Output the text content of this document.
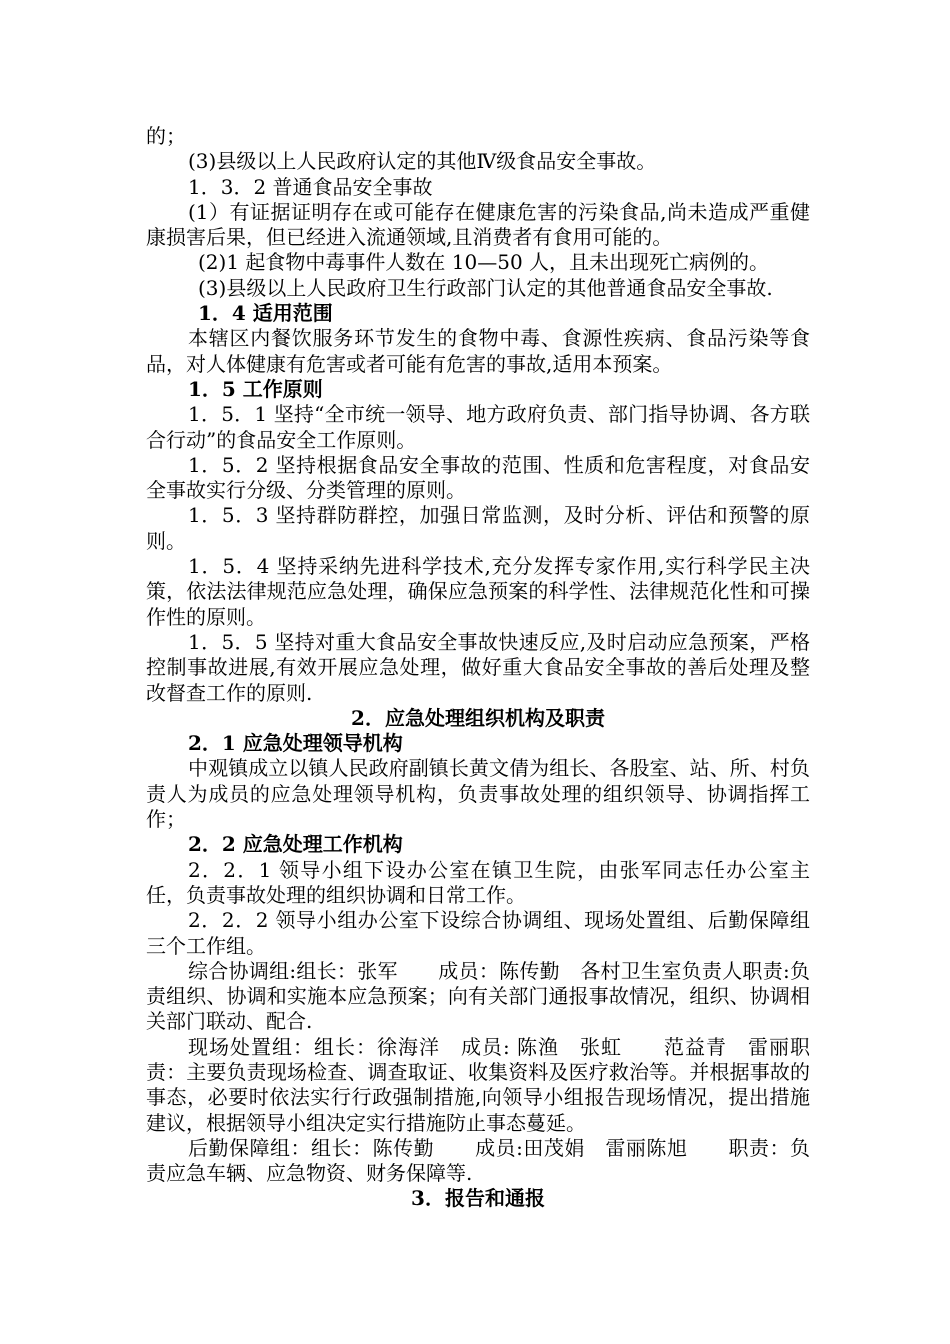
的；

(3)县级以上人民政府认定的其他Ⅳ级食品安全事故。

1．3．2 普通食品安全事故

(1）有证据证明存在或可能存在健康危害的污染食品,尚未造成严重健康损害后果，但已经进入流通领域,且消费者有食用可能的。

(2)1 起食物中毒事件人数在 10—50 人，且未出现死亡病例的。

(3)县级以上人民政府卫生行政部门认定的其他普通食品安全事故.

1．4 适用范围

本辖区内餐饮服务环节发生的食物中毒、食源性疾病、食品污染等食品，对人体健康有危害或者可能有危害的事故,适用本预案。

1．5 工作原则

1．5．1 坚持“全市统一领导、地方政府负责、部门指导协调、各方联合行动”的食品安全工作原则。

1．5．2 坚持根据食品安全事故的范围、性质和危害程度，对食品安全事故实行分级、分类管理的原则。

1．5．3 坚持群防群控，加强日常监测，及时分析、评估和预警的原则。

1．5．4 坚持采纳先进科学技术,充分发挥专家作用,实行科学民主决策，依法法律规范应急处理，确保应急预案的科学性、法律规范化性和可操作性的原则。

1．5．5 坚持对重大食品安全事故快速反应,及时启动应急预案，严格控制事故进展,有效开展应急处理，做好重大食品安全事故的善后处理及整改督查工作的原则.

2．应急处理组织机构及职责

2．1 应急处理领导机构

中观镇成立以镇人民政府副镇长黄文倩为组长、各股室、站、所、村负责人为成员的应急处理领导机构，负责事故处理的组织领导、协调指挥工作；

2．2 应急处理工作机构

2．2．1 领导小组下设办公室在镇卫生院，由张军同志任办公室主任，负责事故处理的组织协调和日常工作。

2．2．2 领导小组办公室下设综合协调组、现场处置组、后勤保障组三个工作组。

综合协调组:组长：张军　　成员：陈传勤　各村卫生室负责人职责:负责组织、协调和实施本应急预案；向有关部门通报事故情况，组织、协调相关部门联动、配合.

现场处置组：组长：徐海洋　成员: 陈渔　张虹　　范益青　雷丽职责：主要负责现场检查、调查取证、收集资料及医疗救治等。并根据事故的事态，必要时依法实行行政强制措施,向领导小组报告现场情况，提出措施建议，根据领导小组决定实行措施防止事态蔓延。

后勤保障组：组长：陈传勤　　成员:田茂娟　雷丽陈旭　　职责：负责应急车辆、应急物资、财务保障等.

3．报告和通报
